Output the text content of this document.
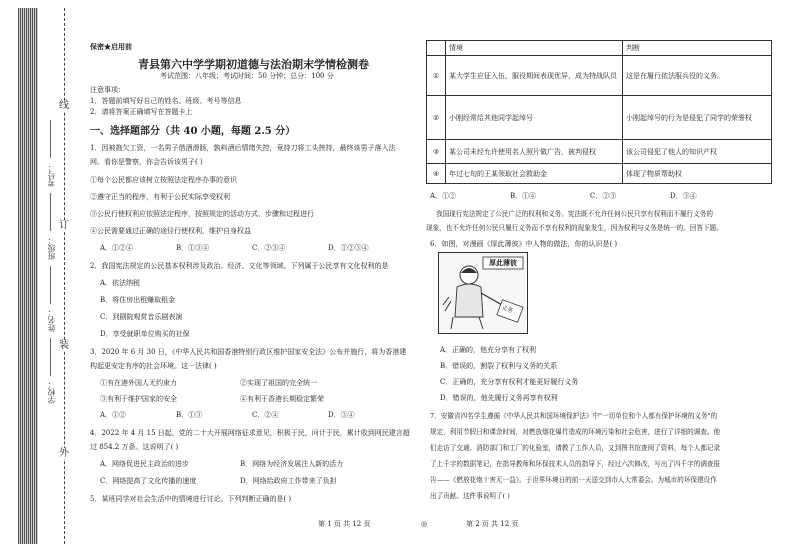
线
订
装
外
学校：
姓名：
班级：
考号：
保密★启用前
青县第六中学学期初道德与法治期末学情检测卷
考试范围：八年级；考试时间：50 分钟；总分：100 分
注意事项：
1．答题前填写好自己的姓名、班级、考号等信息
2．请将答案正确填写在答题卡上
一、选择题部分（共 40 小题，每题 2.5 分）
1．因被拖欠工资，一名男子借酒滑肠，孰料酒后情绪失控，竟持刀将工头挟持，最终该男子落入法
网。看你是警察，你会告诉该男子( )
①每个公民都应该树立按照法定程序办事的意识
②遵守正当的程序，有利于公民实际享受权利
③公民行使权利应依照法定程序，按照规定的活动方式、步骤和过程进行
④公民需要通过正确的途径行使权利，维护自身权益
A．①②④	B．①③④	C．②③④	D．①②③④
2．我国宪法规定的公民基本权利涉及政治、经济、文化等领域。下列属于公民享有文化权利的是
A．依法纳税
B．将住房出租赚取租金
C．到剧院观赏音乐剧表演
D．享受就职单位购买的社保
3．2020 年 6 月 30 日，《中华人民共和国香港特别行政区维护国家安全法》公布并施行，将为香港建
构起更安定有序的社会环境。这一法律( )
①有在港外国人无约束力	②实现了祖国的完全统一
③有利于维护国家的安全	④有利于香港长期稳定繁荣
A．①②	B．①③	C．②④	D．③④
4．2022 年 4 月 15 日起，党的二十大开展网络征求意见，积极于民，问计于民，累计收到网民建言超
过 854.2 万条。这说明了( )
A．网络促进民主政治的进步	B．网络为经济发展注入新的活力
C．网络提高了文化传播的速度	D．网络给政府工作带来了负担
5．某班同学对社会生活中的情境进行讨论。下列判断正确的是( )
第 1 页 共 12 页	◎	第 2 页 共 12 页
	情境	判断
①	某大学生应征入伍，服役期间表现优异，成为特战队员	这是在履行依法服兵役的义务。
②	小刚经常给其他同学起绰号	小刚起绰号的行为是侵犯了同学的荣誉权
③	某公司未经允许使用名人照片做广告，被判侵权	该公司侵犯了他人的知识产权
④	年过七旬的王某领取社会救助金	体现了物质帮助权
A．①②	B．①④	C．②③	D．③④
我国现行宪法规定了公民广泛的权利和义务。宪法既不允许任何公民只享有权利而不履行义务的
现象，也不允许任何公民只履行义务而不享有权利的现象发生，因为权利与义务是统一的。回答下题。
6．如图，对漫画《厚此薄彼》中人物的做法，你的认识是( )
厚此薄彼
义务
A．正确的，他充分享有了权利
B．错误的，割裂了权利与义务的关系
C．正确的，充分享有权利才能更好履行义务
D．错误的，他先履行义务再享有权利
7．安徽省四名学生遵循《中华人民共和国环境保护法》中"一切单位和个人都有保护环境的义务"的
规定，利用节假日和课余时间，对燃放烟花爆竹造成的环境污染和社会危害，进行了详细的调查。他
们走访了交通、消防部门和工厂的化验室，请教了工作人员，又到图书馆查阅了资料，每个人都记录
了上千字的数据笔记，在指导教师和环保技术人员的指导下，经过六次修改，写出了四千字的调查报
告——《燃放花炮十害无一益》。于世界环境日的前一天送交到市人大常委会。为城市的环保建设作
出了贡献。这件事说明了( )
